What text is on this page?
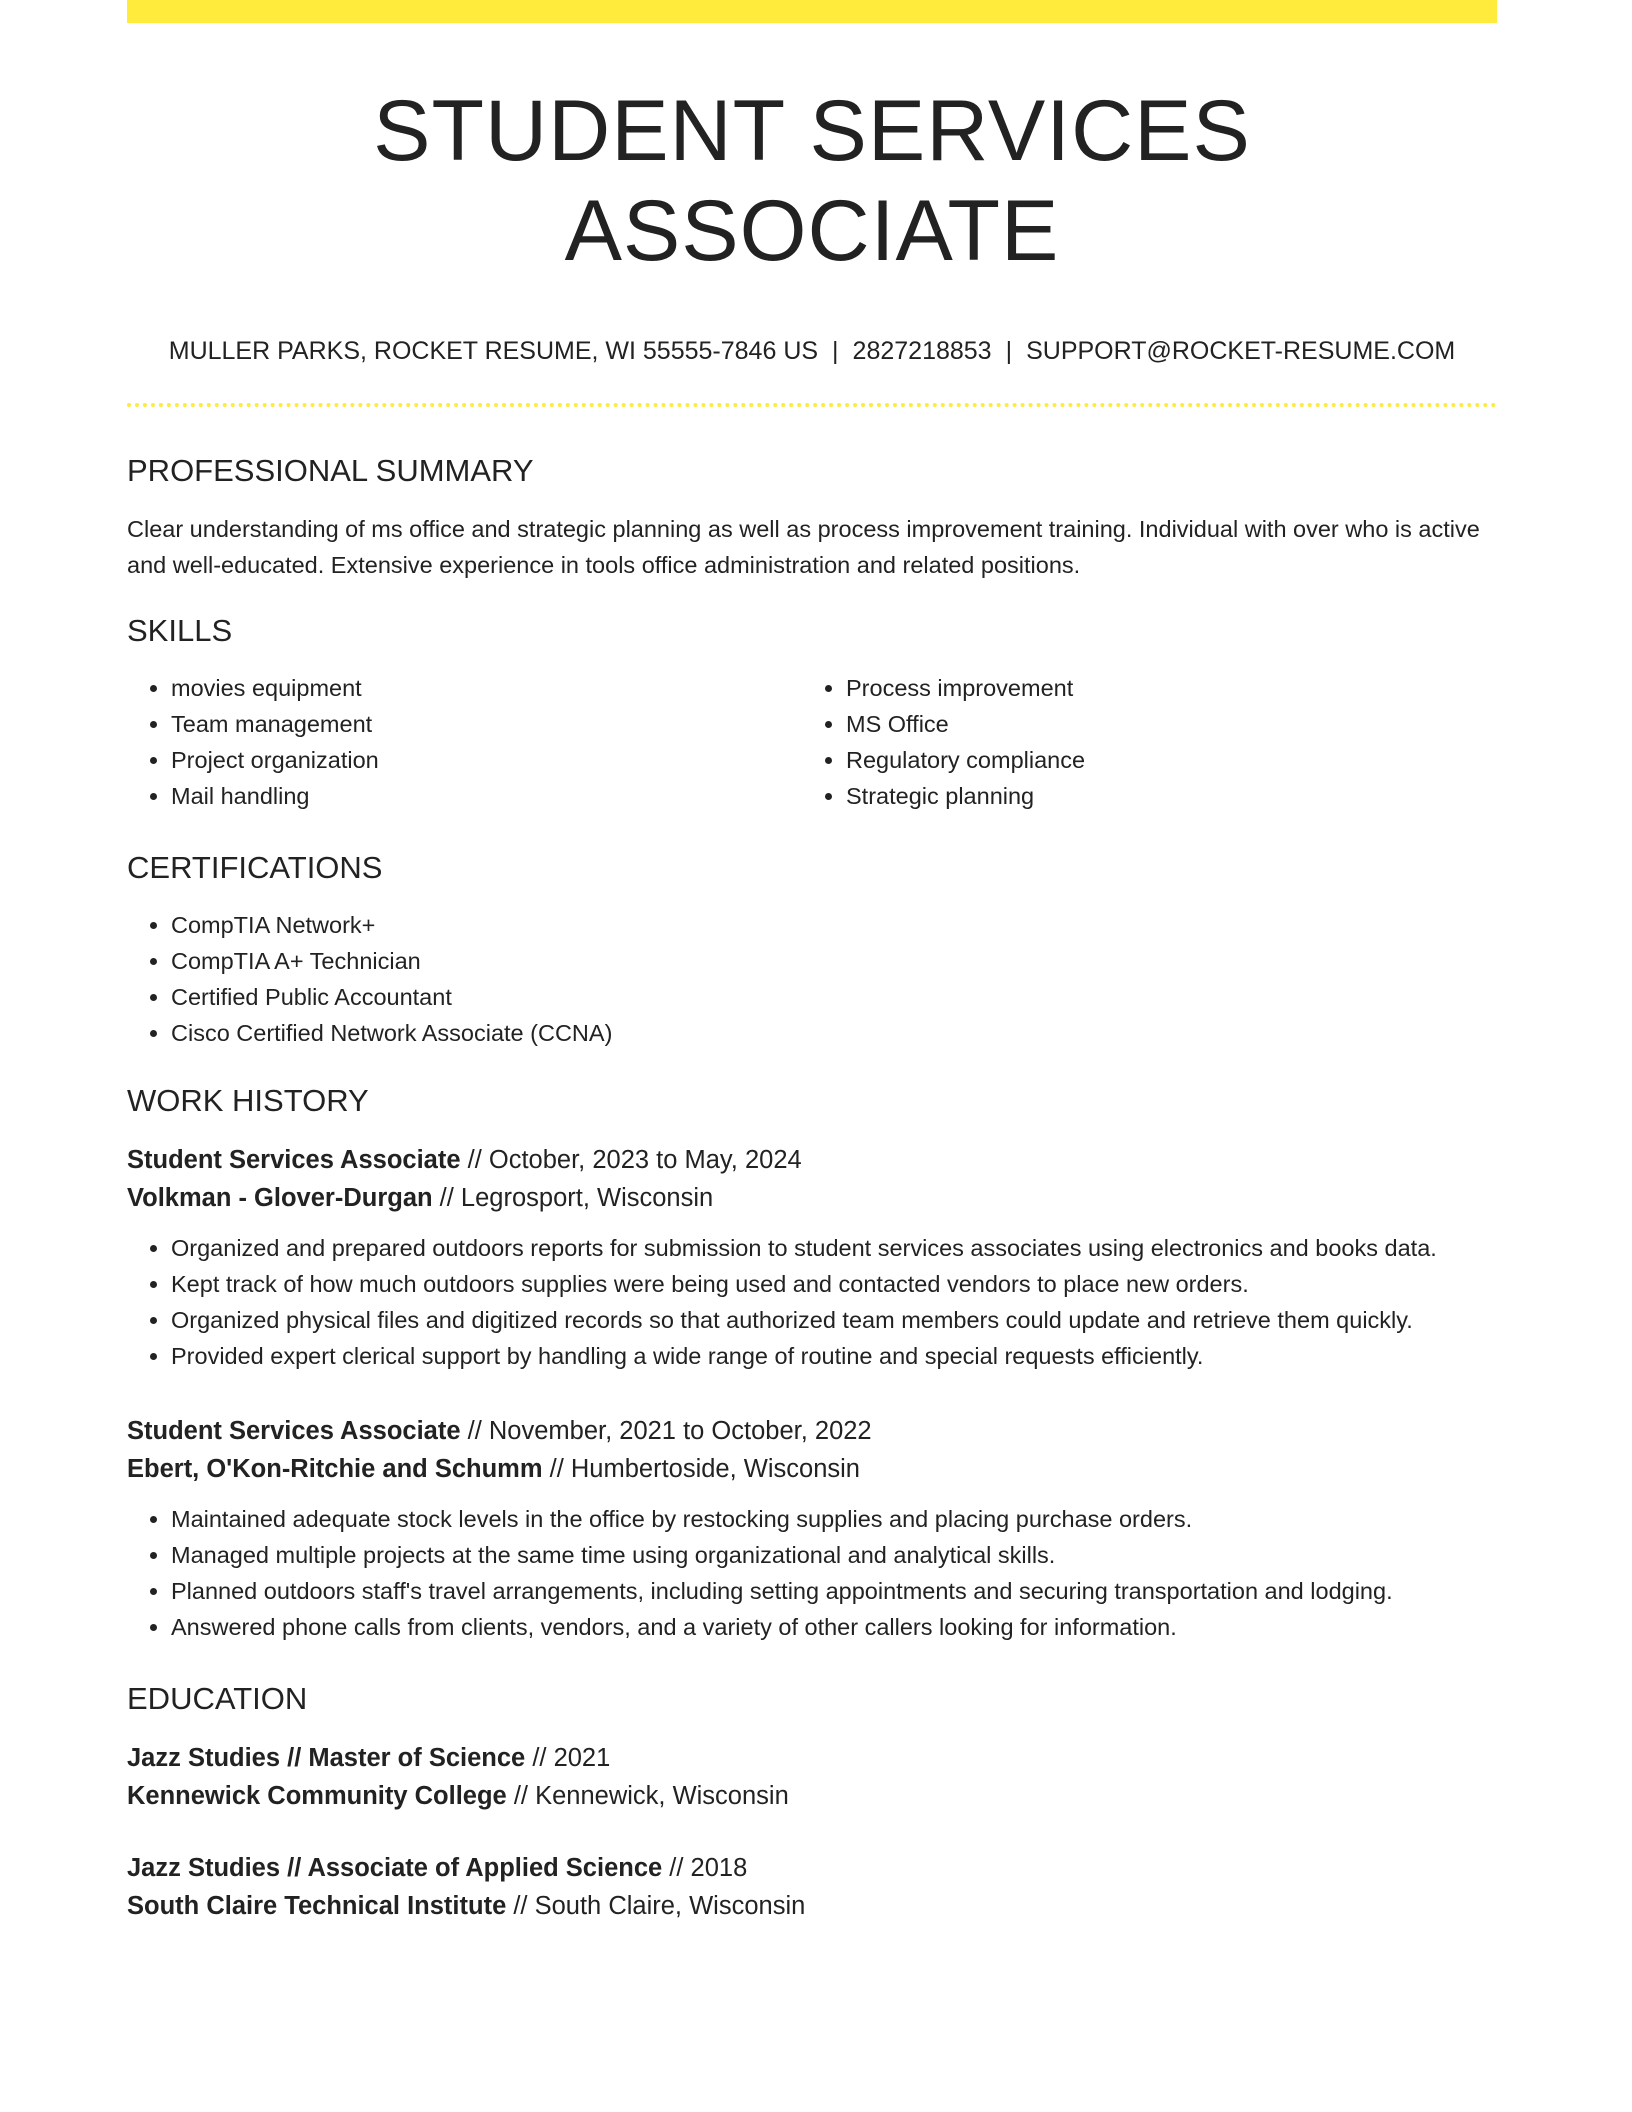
STUDENT SERVICES ASSOCIATE
MULLER PARKS, ROCKET RESUME, WI 55555-7846 US | 2827218853 | SUPPORT@ROCKET-RESUME.COM
PROFESSIONAL SUMMARY
Clear understanding of ms office and strategic planning as well as process improvement training. Individual with over who is active and well-educated. Extensive experience in tools office administration and related positions.
SKILLS
• movies equipment
• Team management
• Project organization
• Mail handling
• Process improvement
• MS Office
• Regulatory compliance
• Strategic planning
CERTIFICATIONS
• CompTIA Network+
• CompTIA A+ Technician
• Certified Public Accountant
• Cisco Certified Network Associate (CCNA)
WORK HISTORY
Student Services Associate // October, 2023 to May, 2024
Volkman - Glover-Durgan // Legrosport, Wisconsin
• Organized and prepared outdoors reports for submission to student services associates using electronics and books data.
• Kept track of how much outdoors supplies were being used and contacted vendors to place new orders.
• Organized physical files and digitized records so that authorized team members could update and retrieve them quickly.
• Provided expert clerical support by handling a wide range of routine and special requests efficiently.
Student Services Associate // November, 2021 to October, 2022
Ebert, O'Kon-Ritchie and Schumm // Humbertoside, Wisconsin
• Maintained adequate stock levels in the office by restocking supplies and placing purchase orders.
• Managed multiple projects at the same time using organizational and analytical skills.
• Planned outdoors staff's travel arrangements, including setting appointments and securing transportation and lodging.
• Answered phone calls from clients, vendors, and a variety of other callers looking for information.
EDUCATION
Jazz Studies // Master of Science // 2021
Kennewick Community College // Kennewick, Wisconsin
Jazz Studies // Associate of Applied Science // 2018
South Claire Technical Institute // South Claire, Wisconsin
